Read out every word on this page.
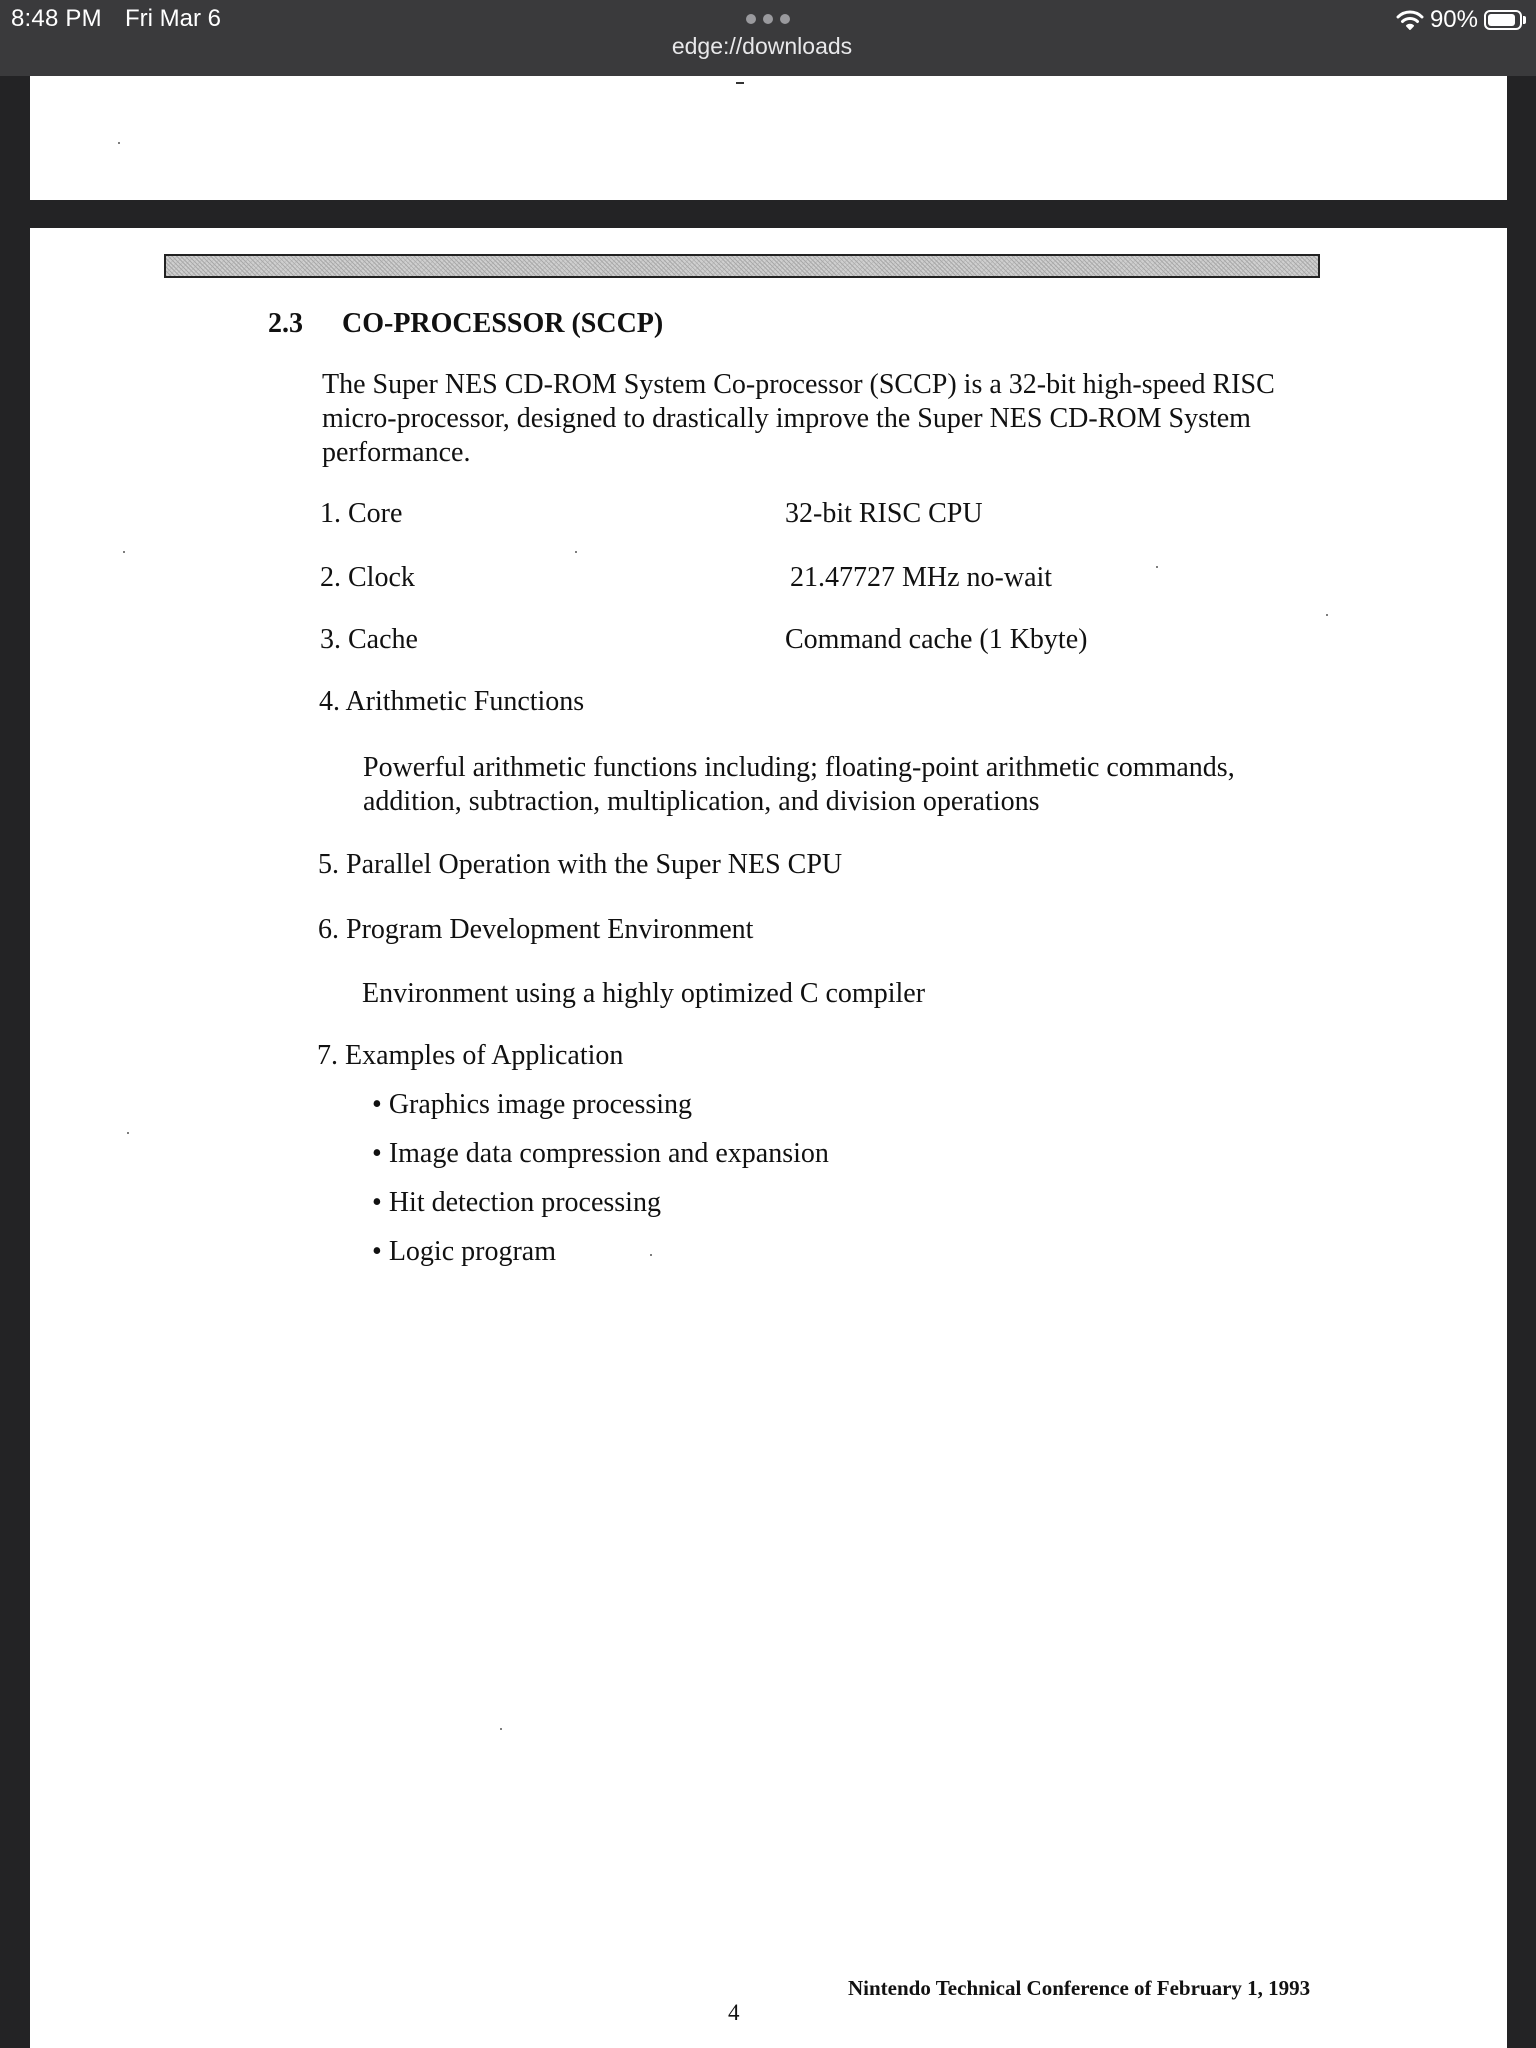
8:48 PM Fri Mar 6
edge://downloads
90%
2.3 CO-PROCESSOR (SCCP)
The Super NES CD-ROM System Co-processor (SCCP) is a 32-bit high-speed RISC
micro-processor, designed to drastically improve the Super NES CD-ROM System
performance.
1. Core	32-bit RISC CPU
2. Clock	21.47727 MHz no-wait
3. Cache	Command cache (1 Kbyte)
4. Arithmetic Functions
Powerful arithmetic functions including; floating-point arithmetic commands,
addition, subtraction, multiplication, and division operations
5. Parallel Operation with the Super NES CPU
6. Program Development Environment
Environment using a highly optimized C compiler
7. Examples of Application
• Graphics image processing
• Image data compression and expansion
• Hit detection processing
• Logic program
Nintendo Technical Conference of February 1, 1993
4
